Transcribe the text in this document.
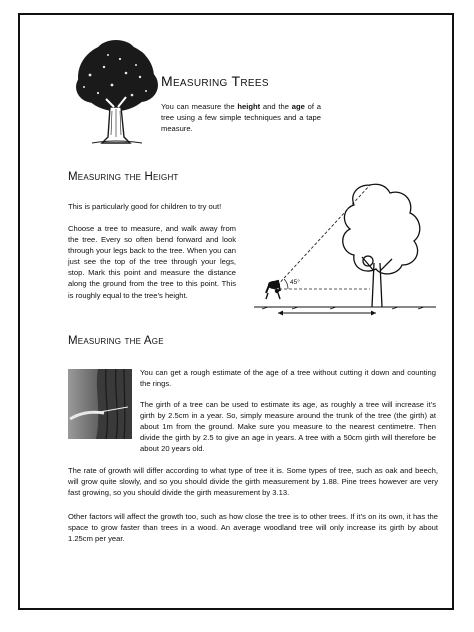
Measuring Trees
You can measure the height and the age of a tree using a few simple techniques and a tape measure.
Measuring the Height
This is particularly good for children to try out!
Choose a tree to measure, and walk away from the tree. Every so often bend forward and look through your legs back to the tree. When you can just see the top of the tree through your legs, stop. Mark this point and measure the distance along the ground from the tree to this point. This is roughly equal to the tree’s height.
45°
Measuring the Age
You can get a rough estimate of the age of a tree without cutting it down and counting the rings.
The girth of a tree can be used to estimate its age, as roughly a tree will increase it’s girth by 2.5cm in a year. So, simply measure around the trunk of the tree (the girth) at about 1m from the ground. Make sure you measure to the nearest centimetre. Then divide the girth by 2.5 to give an age in years. A tree with a 50cm girth will therefore be about 20 years old.
The rate of growth will differ according to what type of tree it is. Some types of tree, such as oak and beech, will grow quite slowly, and so you should divide the girth measurement by 1.88. Pine trees however are very fast growing, so you should divide the girth measurement by 3.13.
Other factors will affect the growth too, such as how close the tree is to other trees. If it’s on its own, it has the space to grow faster than trees in a wood. An average woodland tree will only increase its girth by about 1.25cm per year.
